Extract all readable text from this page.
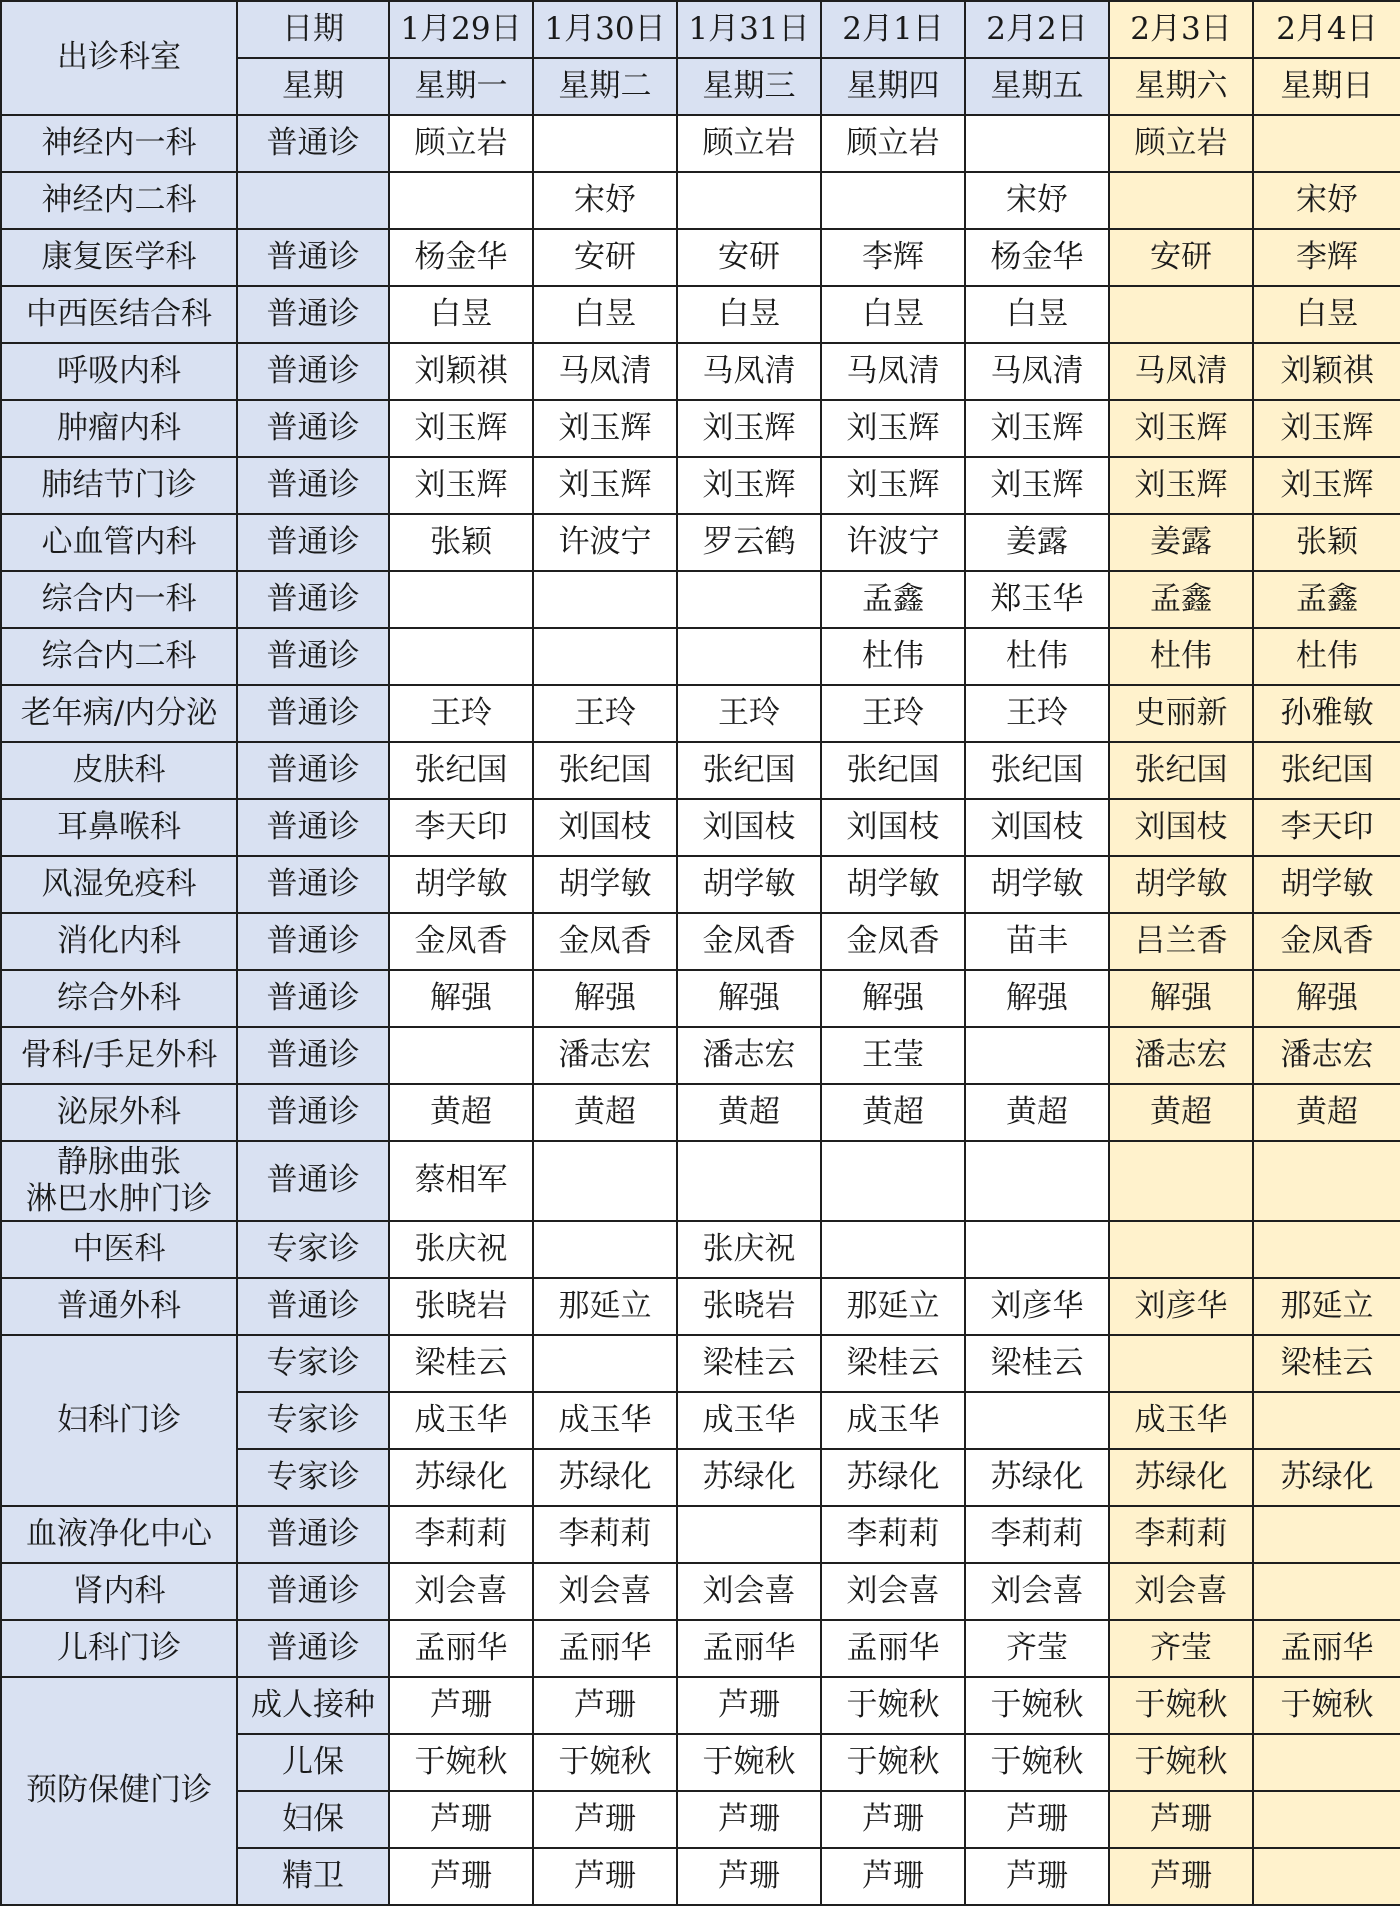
出诊科室	日期	1月29日	1月30日	1月31日	2月1日	2月2日	2月3日	2月4日
	星期	星期一	星期二	星期三	星期四	星期五	星期六	星期日
神经内一科	普通诊	顾立岩		顾立岩	顾立岩		顾立岩	
神经内二科			宋妤			宋妤		宋妤
康复医学科	普通诊	杨金华	安研	安研	李辉	杨金华	安研	李辉
中西医结合科	普通诊	白昱	白昱	白昱	白昱	白昱		白昱
呼吸内科	普通诊	刘颖祺	马凤清	马凤清	马凤清	马凤清	马凤清	刘颖祺
肿瘤内科	普通诊	刘玉辉	刘玉辉	刘玉辉	刘玉辉	刘玉辉	刘玉辉	刘玉辉
肺结节门诊	普通诊	刘玉辉	刘玉辉	刘玉辉	刘玉辉	刘玉辉	刘玉辉	刘玉辉
心血管内科	普通诊	张颖	许波宁	罗云鹤	许波宁	姜露	姜露	张颖
综合内一科	普通诊				孟鑫	郑玉华	孟鑫	孟鑫
综合内二科	普通诊				杜伟	杜伟	杜伟	杜伟
老年病/内分泌	普通诊	王玲	王玲	王玲	王玲	王玲	史丽新	孙雅敏
皮肤科	普通诊	张纪国	张纪国	张纪国	张纪国	张纪国	张纪国	张纪国
耳鼻喉科	普通诊	李天印	刘国枝	刘国枝	刘国枝	刘国枝	刘国枝	李天印
风湿免疫科	普通诊	胡学敏	胡学敏	胡学敏	胡学敏	胡学敏	胡学敏	胡学敏
消化内科	普通诊	金凤香	金凤香	金凤香	金凤香	苗丰	吕兰香	金凤香
综合外科	普通诊	解强	解强	解强	解强	解强	解强	解强
骨科/手足外科	普通诊		潘志宏	潘志宏	王莹		潘志宏	潘志宏
泌尿外科	普通诊	黄超	黄超	黄超	黄超	黄超	黄超	黄超
静脉曲张
淋巴水肿门诊	普通诊	蔡相军						
中医科	专家诊	张庆祝		张庆祝				
普通外科	普通诊	张晓岩	那延立	张晓岩	那延立	刘彦华	刘彦华	那延立
妇科门诊	专家诊	梁桂云		梁桂云	梁桂云	梁桂云		梁桂云
	专家诊	成玉华	成玉华	成玉华	成玉华		成玉华	
	专家诊	苏绿化	苏绿化	苏绿化	苏绿化	苏绿化	苏绿化	苏绿化
血液净化中心	普通诊	李莉莉	李莉莉		李莉莉	李莉莉	李莉莉	
肾内科	普通诊	刘会喜	刘会喜	刘会喜	刘会喜	刘会喜	刘会喜	
儿科门诊	普通诊	孟丽华	孟丽华	孟丽华	孟丽华	齐莹	齐莹	孟丽华
预防保健门诊	成人接种	芦珊	芦珊	芦珊	于婉秋	于婉秋	于婉秋	于婉秋
	儿保	于婉秋	于婉秋	于婉秋	于婉秋	于婉秋	于婉秋	
	妇保	芦珊	芦珊	芦珊	芦珊	芦珊	芦珊	
	精卫	芦珊	芦珊	芦珊	芦珊	芦珊	芦珊	
